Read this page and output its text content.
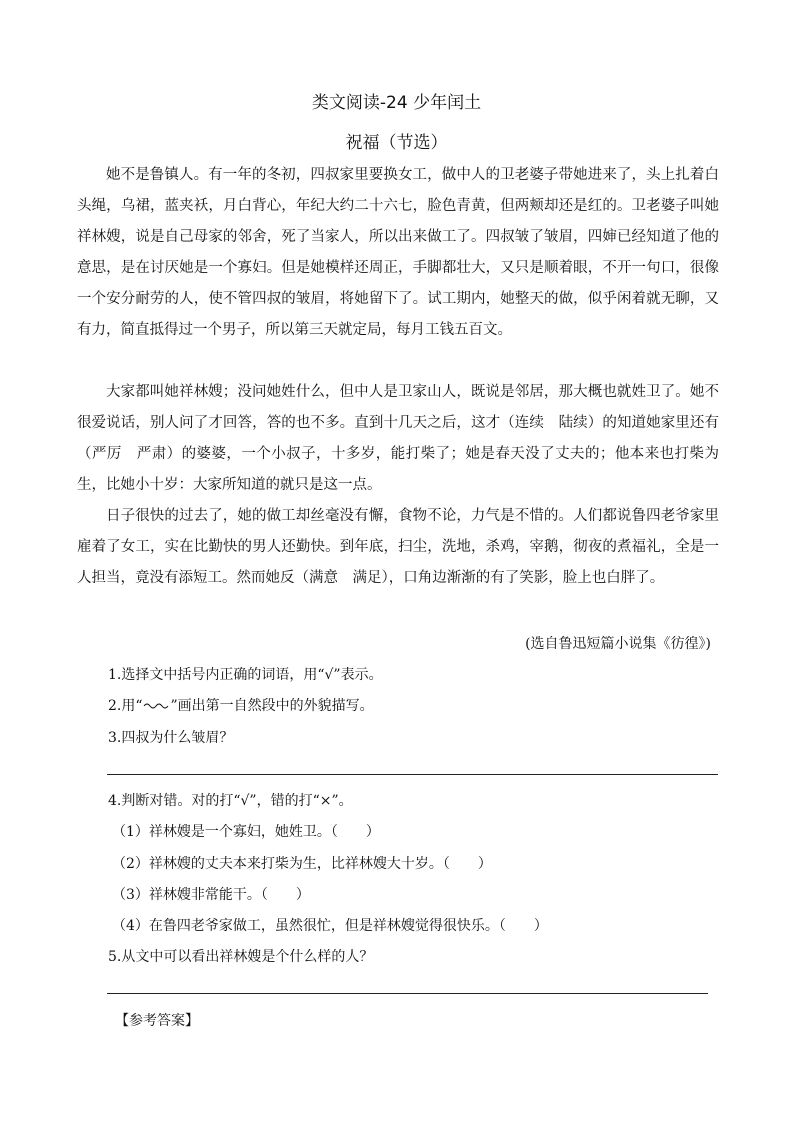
类文阅读-24 少年闰土
祝福（节选）

她不是鲁镇人。有一年的冬初，四叔家里要换女工，做中人的卫老婆子带她进来了，头上扎着白头绳，乌裙，蓝夹袄，月白背心，年纪大约二十六七，脸色青黄，但两颊却还是红的。卫老婆子叫她祥林嫂，说是自己母家的邻舍，死了当家人，所以出来做工了。四叔皱了皱眉，四婶已经知道了他的意思，是在讨厌她是一个寡妇。但是她模样还周正，手脚都壮大，又只是顺着眼，不开一句口，很像一个安分耐劳的人，使不管四叔的皱眉，将她留下了。试工期内，她整天的做，似乎闲着就无聊，又有力，简直抵得过一个男子，所以第三天就定局，每月工钱五百文。

大家都叫她祥林嫂；没问她姓什么，但中人是卫家山人，既说是邻居，那大概也就姓卫了。她不很爱说话，别人问了才回答，答的也不多。直到十几天之后，这才（连续　陆续）的知道她家里还有（严厉　严肃）的婆婆，一个小叔子，十多岁，能打柴了；她是春天没了丈夫的；他本来也打柴为生，比她小十岁：大家所知道的就只是这一点。

日子很快的过去了，她的做工却丝毫没有懈，食物不论，力气是不惜的。人们都说鲁四老爷家里雇着了女工，实在比勤快的男人还勤快。到年底，扫尘，洗地，杀鸡，宰鹅，彻夜的煮福礼，全是一人担当，竟没有添短工。然而她反（满意　满足），口角边渐渐的有了笑影，脸上也白胖了。

(选自鲁迅短篇小说集《彷徨》)
1.选择文中括号内正确的词语，用“√”表示。
2.用“ ”画出第一自然段中的外貌描写。
3.四叔为什么皱眉？
4.判断对错。对的打“√”，错的打“×”。
（1）祥林嫂是一个寡妇，她姓卫。（　　）
（2）祥林嫂的丈夫本来打柴为生，比祥林嫂大十岁。（　　）
（3）祥林嫂非常能干。（　　）
（4）在鲁四老爷家做工，虽然很忙，但是祥林嫂觉得很快乐。（　　）
5.从文中可以看出祥林嫂是个什么样的人？
【参考答案】
